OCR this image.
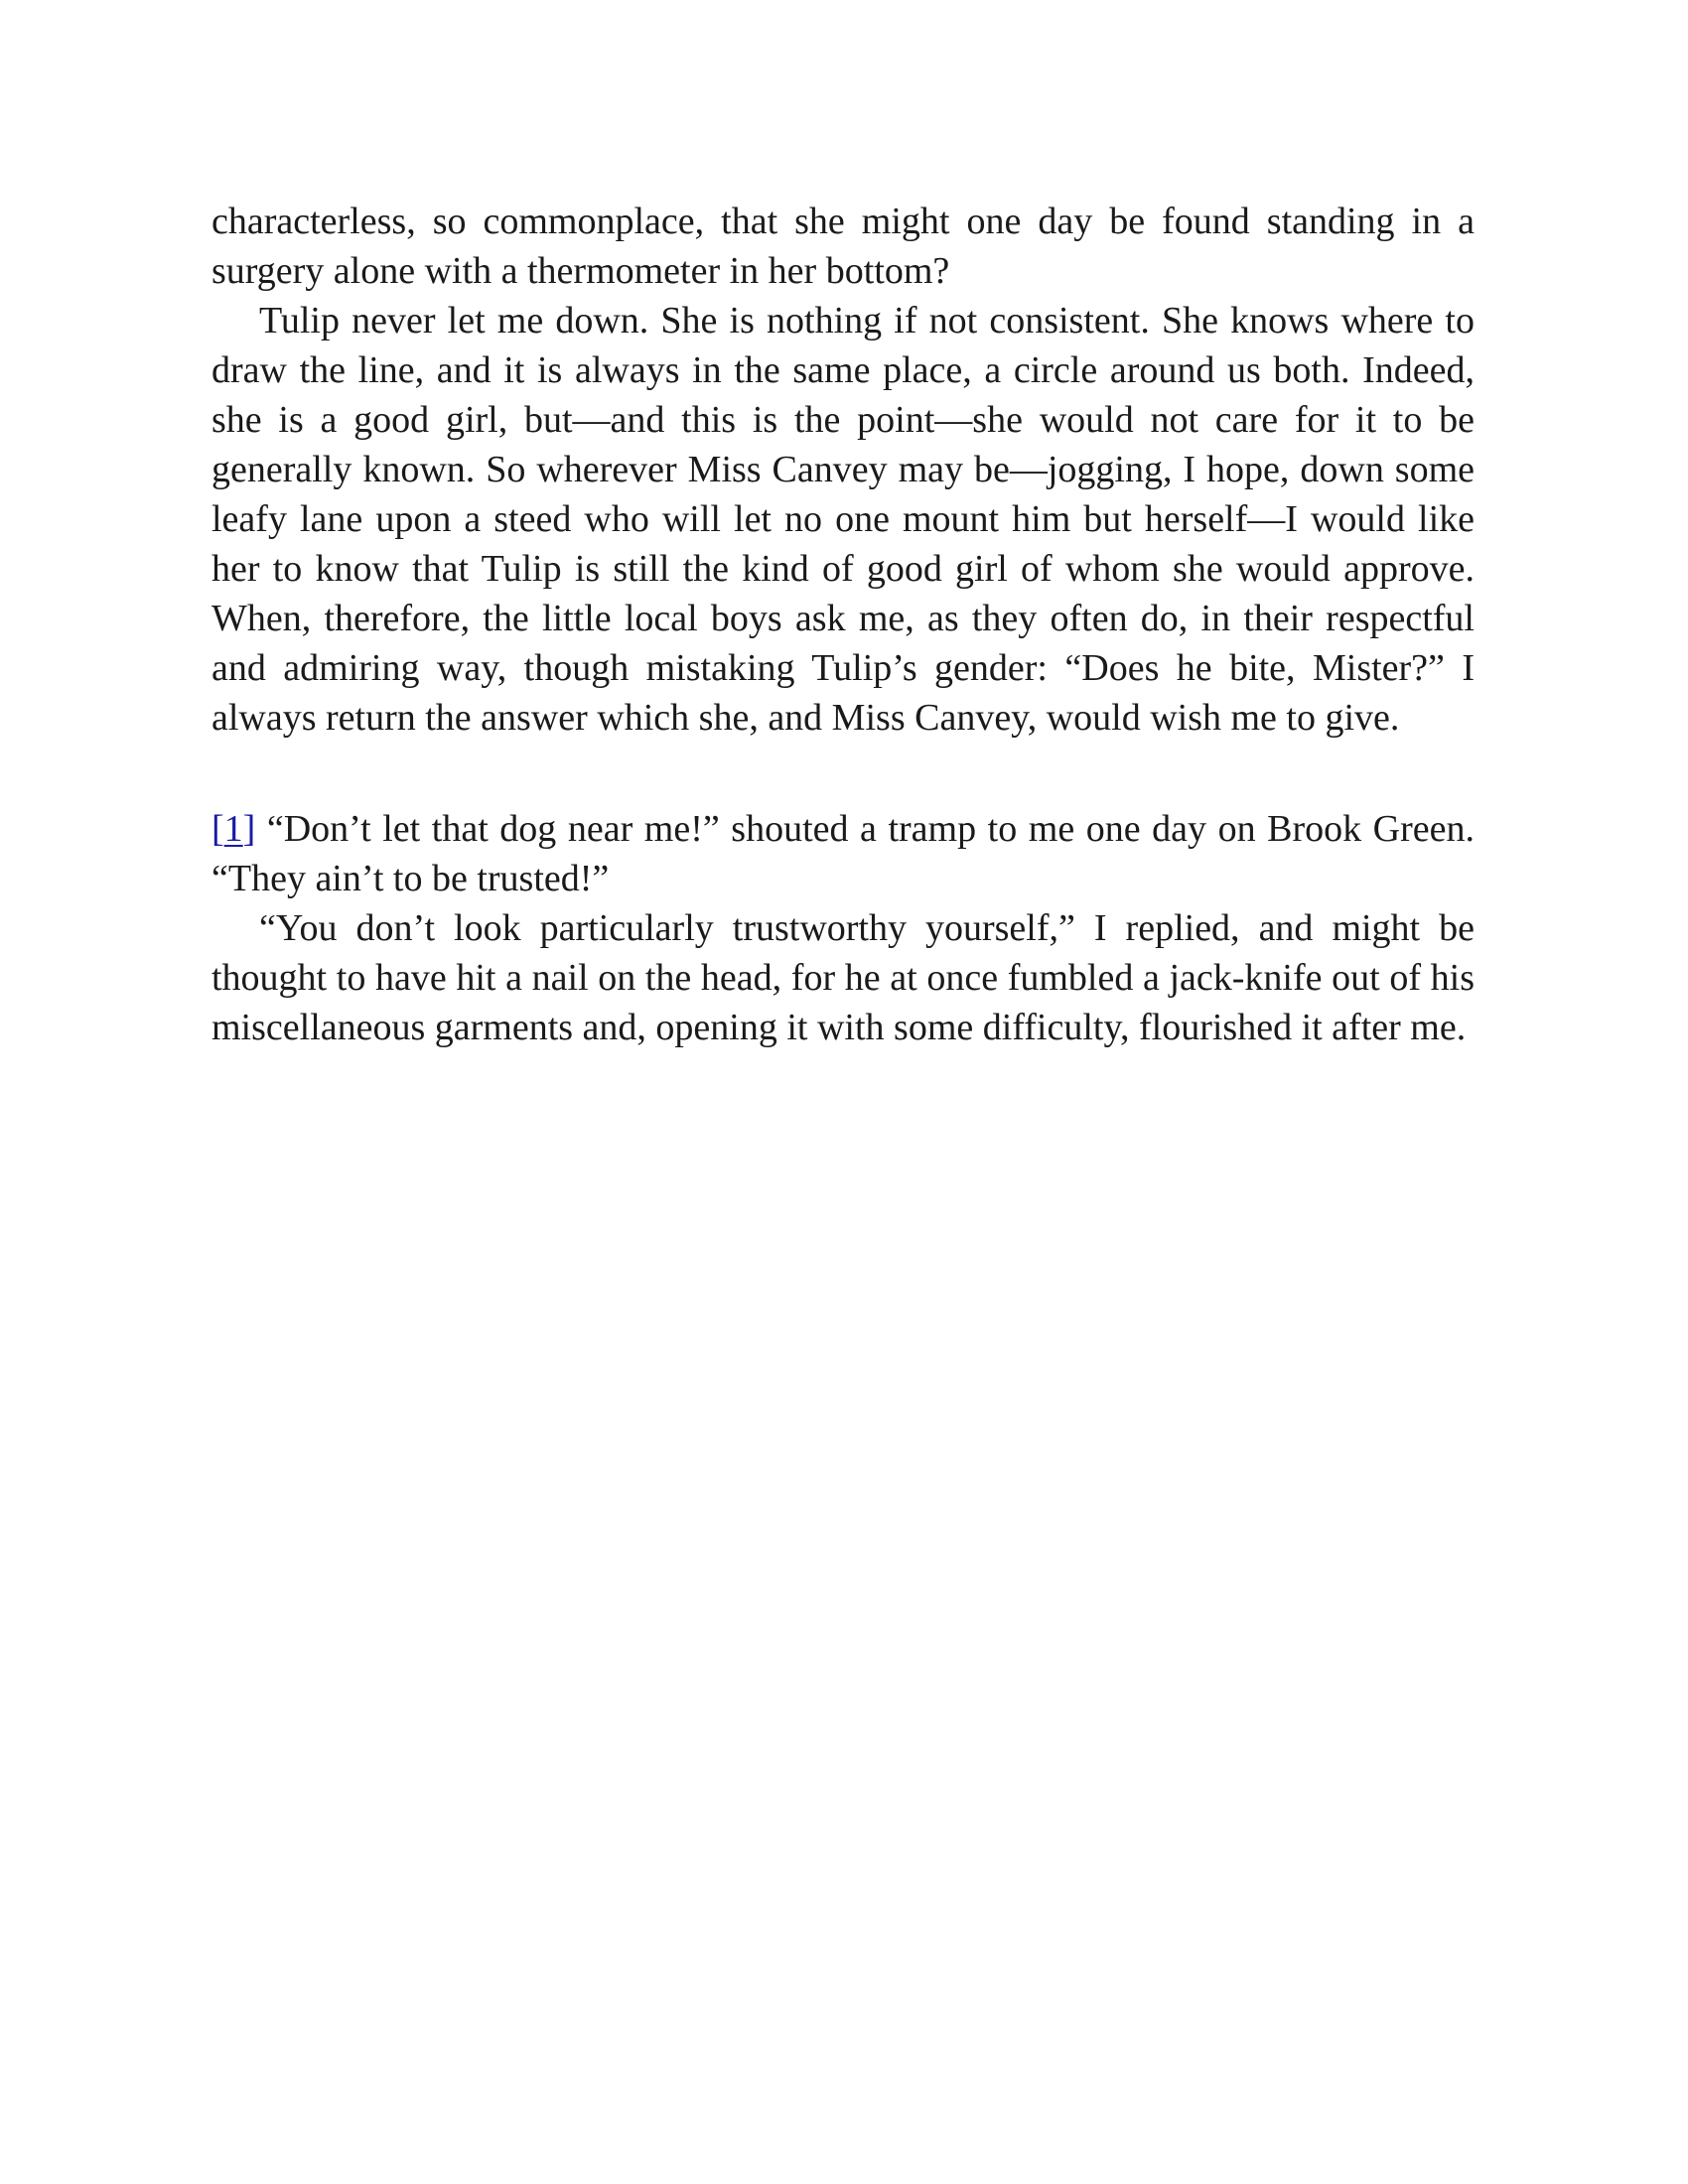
characterless, so commonplace, that she might one day be found standing in a surgery alone with a thermometer in her bottom?

Tulip never let me down. She is nothing if not consistent. She knows where to draw the line, and it is always in the same place, a circle around us both. Indeed, she is a good girl, but—and this is the point—she would not care for it to be generally known. So wherever Miss Canvey may be—jogging, I hope, down some leafy lane upon a steed who will let no one mount him but herself—I would like her to know that Tulip is still the kind of good girl of whom she would approve. When, therefore, the little local boys ask me, as they often do, in their respectful and admiring way, though mistaking Tulip’s gender: “Does he bite, Mister?” I always return the answer which she, and Miss Canvey, would wish me to give.

[1] “Don’t let that dog near me!” shouted a tramp to me one day on Brook Green. “They ain’t to be trusted!”

“You don’t look particularly trustworthy yourself,” I replied, and might be thought to have hit a nail on the head, for he at once fumbled a jack-knife out of his miscellaneous garments and, opening it with some difficulty, flourished it after me.
